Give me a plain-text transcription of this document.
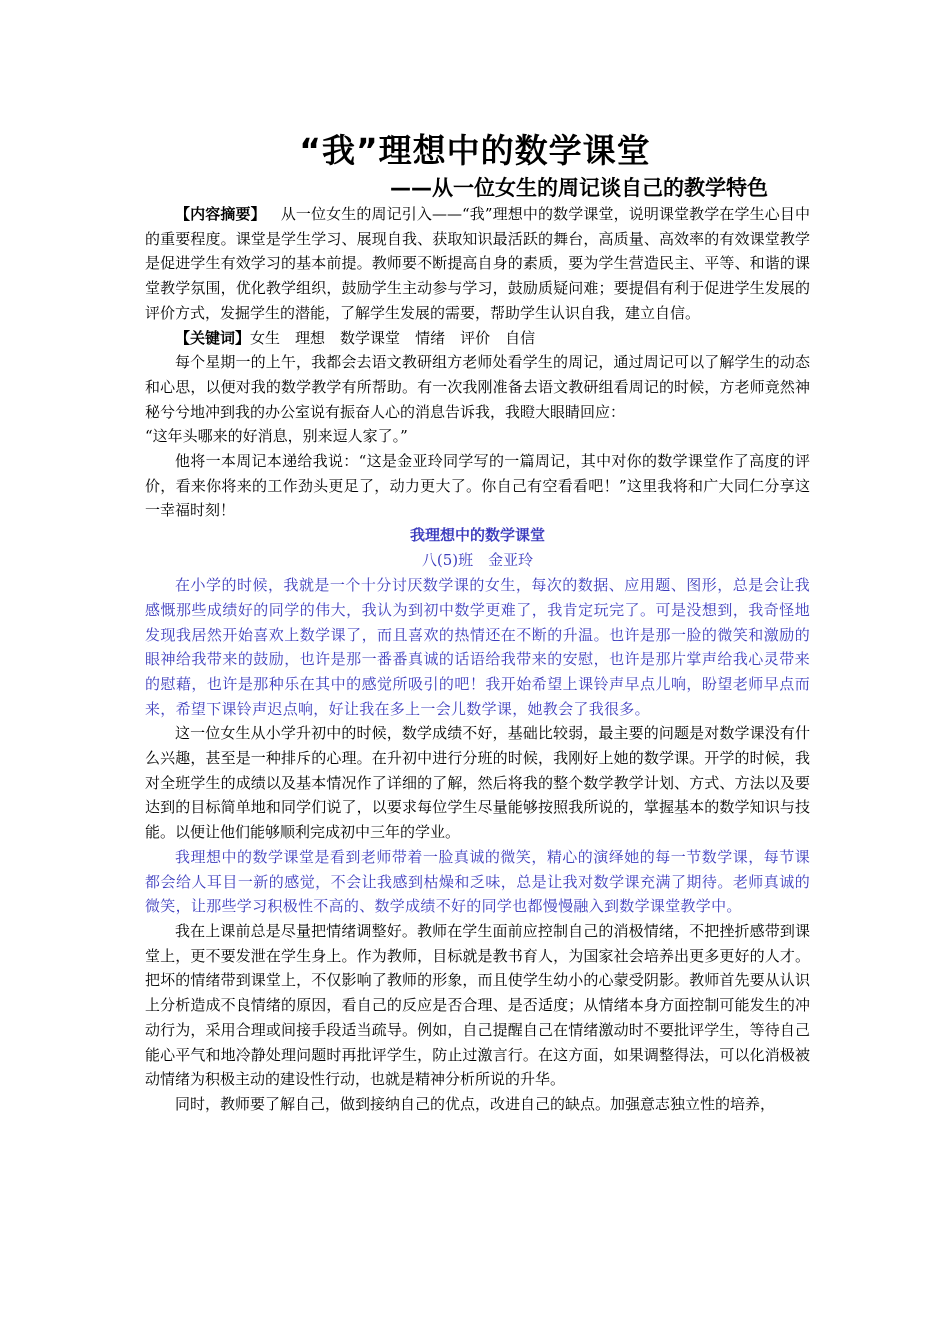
“我”理想中的数学课堂
——从一位女生的周记谈自己的教学特色

【内容摘要】 从一位女生的周记引入——“我”理想中的数学课堂，说明课堂教学在学生心目中的重要程度。课堂是学生学习、展现自我、获取知识最活跃的舞台，高质量、高效率的有效课堂教学是促进学生有效学习的基本前提。教师要不断提高自身的素质，要为学生营造民主、平等、和谐的课堂教学氛围，优化教学组织，鼓励学生主动参与学习，鼓励质疑问难；要提倡有利于促进学生发展的评价方式，发掘学生的潜能，了解学生发展的需要，帮助学生认识自我，建立自信。

【关键词】女生 理想 数学课堂 情绪 评价 自信

每个星期一的上午，我都会去语文教研组方老师处看学生的周记，通过周记可以了解学生的动态和心思，以便对我的数学教学有所帮助。有一次我刚准备去语文教研组看周记的时候，方老师竟然神秘兮兮地冲到我的办公室说有振奋人心的消息告诉我，我瞪大眼睛回应：

“这年头哪来的好消息，别来逗人家了。”

他将一本周记本递给我说：“这是金亚玲同学写的一篇周记，其中对你的数学课堂作了高度的评价，看来你将来的工作劲头更足了，动力更大了。你自己有空看看吧！”这里我将和广大同仁分享这一幸福时刻！

我理想中的数学课堂

八(5)班　金亚玲

在小学的时候，我就是一个十分讨厌数学课的女生，每次的数据、应用题、图形，总是会让我感慨那些成绩好的同学的伟大，我认为到初中数学更难了，我肯定玩完了。可是没想到，我奇怪地发现我居然开始喜欢上数学课了，而且喜欢的热情还在不断的升温。也许是那一脸的微笑和激励的眼神给我带来的鼓励，也许是那一番番真诚的话语给我带来的安慰，也许是那片掌声给我心灵带来的慰藉，也许是那种乐在其中的感觉所吸引的吧！我开始希望上课铃声早点儿响，盼望老师早点而来，希望下课铃声迟点响，好让我在多上一会儿数学课，她教会了我很多。

这一位女生从小学升初中的时候，数学成绩不好，基础比较弱，最主要的问题是对数学课没有什么兴趣，甚至是一种排斥的心理。在升初中进行分班的时候，我刚好上她的数学课。开学的时候，我对全班学生的成绩以及基本情况作了详细的了解，然后将我的整个数学教学计划、方式、方法以及要达到的目标简单地和同学们说了，以要求每位学生尽量能够按照我所说的，掌握基本的数学知识与技能。以便让他们能够顺利完成初中三年的学业。

我理想中的数学课堂是看到老师带着一脸真诚的微笑，精心的演绎她的每一节数学课，每节课都会给人耳目一新的感觉，不会让我感到枯燥和乏味，总是让我对数学课充满了期待。老师真诚的微笑，让那些学习积极性不高的、数学成绩不好的同学也都慢慢融入到数学课堂教学中。

我在上课前总是尽量把情绪调整好。教师在学生面前应控制自己的消极情绪，不把挫折感带到课堂上，更不要发泄在学生身上。作为教师，目标就是教书育人，为国家社会培养出更多更好的人才。把坏的情绪带到课堂上，不仅影响了教师的形象，而且使学生幼小的心蒙受阴影。教师首先要从认识上分析造成不良情绪的原因，看自己的反应是否合理、是否适度；从情绪本身方面控制可能发生的冲动行为，采用合理或间接手段适当疏导。例如，自己提醒自己在情绪激动时不要批评学生，等待自己能心平气和地冷静处理问题时再批评学生，防止过激言行。在这方面，如果调整得法，可以化消极被动情绪为积极主动的建设性行动，也就是精神分析所说的升华。

同时，教师要了解自己，做到接纳自己的优点，改进自己的缺点。加强意志独立性的培养，
